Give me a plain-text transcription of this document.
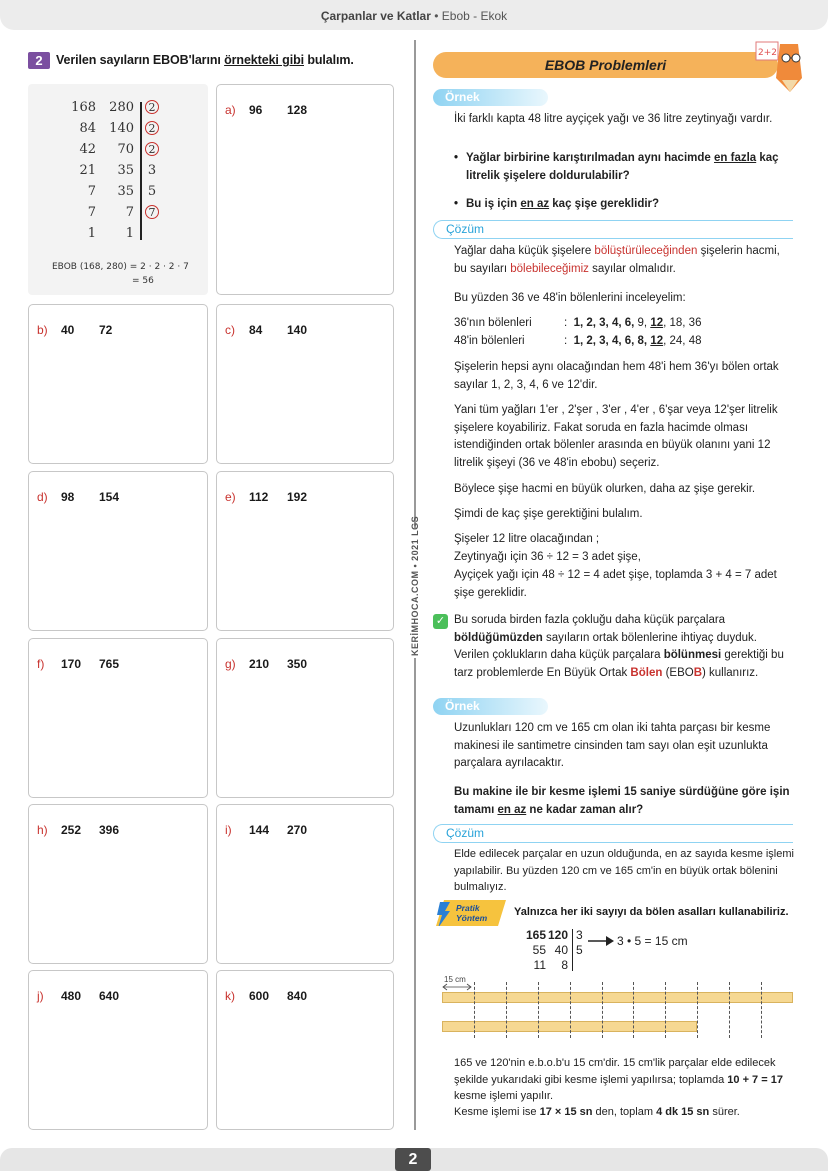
Çarpanlar ve Katlar • Ebob - Ekok
KERİMHOCA.COM • 2021 LGS
2	Verilen sayıların EBOB'larını örnekteki gibi bulalım.
EBOB (168, 280) = 2 · 2 · 2 · 7
= 56
168	280	2
84	140	2
42	70	2
21	35	3
7	35	5
7	7	7
1	1
a) 96 128
b) 40 72	c) 84 140
d) 98 154	e) 112 192
f) 170 765	g) 210 350
h) 252 396	i) 144 270
j) 480 640	k) 600 840
EBOB Problemleri
2+2
Örnek
İki farklı kapta 48 litre ayçiçek yağı ve 36 litre zeytinyağı vardır.
• Yağlar birbirine karıştırılmadan aynı hacimde en fazla kaç litrelik şişelere doldurulabilir?
• Bu iş için en az kaç şişe gereklidir?
Çözüm
Yağlar daha küçük şişelere bölüştürüleceğinden şişelerin hacmi, bu sayıları bölebileceğimiz sayılar olmalıdır.
Bu yüzden 36 ve 48'in bölenlerini inceleyelim:
36'nın bölenleri	: 1, 2, 3, 4, 6, 9, 12, 18, 36
48'in bölenleri	: 1, 2, 3, 4, 6, 8, 12, 24, 48
Şişelerin hepsi aynı olacağından hem 48'i hem 36'yı bölen ortak sayılar 1, 2, 3, 4, 6 ve 12'dir.
Yani tüm yağları 1'er , 2'şer , 3'er , 4'er , 6'şar veya 12'şer litrelik şişelere koyabiliriz. Fakat soruda en fazla hacimde olması istendiğinden ortak bölenler arasında en büyük olanını yani 12 litrelik şişeyi (36 ve 48'in ebobu) seçeriz.
Böylece şişe hacmi en büyük olurken, daha az şişe gerekir.
Şimdi de kaç şişe gerektiğini bulalım.
Şişeler 12 litre olacağından ;
Zeytinyağı için 36 ÷ 12 = 3 adet şişe,
Ayçiçek yağı için 48 ÷ 12 = 4 adet şişe, toplamda 3 + 4 = 7 adet şişe gereklidir.
✓ Bu soruda birden fazla çokluğu daha küçük parçalara böldüğümüzden sayıların ortak bölenlerine ihtiyaç duyduk. Verilen çoklukların daha küçük parçalara bölünmesi gerektiği bu tarz problemlerde En Büyük Ortak Bölen (EBOB) kullanırız.
Örnek
Uzunlukları 120 cm ve 165 cm olan iki tahta parçası bir kesme makinesi ile santimetre cinsinden tam sayı olan eşit uzunlukta parçalara ayrılacaktır.
Bu makine ile bir kesme işlemi 15 saniye sürdüğüne göre işin tamamı en az ne kadar zaman alır?
Çözüm
Elde edilecek parçalar en uzun olduğunda, en az sayıda kesme işlemi yapılabilir. Bu yüzden 120 cm ve 165 cm'in en büyük ortak bölenini bulmalıyız.
Pratik
Yöntem Yalnızca her iki sayıyı da bölen asalları kullanabiliriz.
165 120 3
55 40 5
11	8
3 • 5 = 15 cm
15 cm
165 ve 120'nin e.b.o.b'u 15 cm'dir. 15 cm'lik parçalar elde edilecek şekilde yukarıdaki gibi kesme işlemi yapılırsa; toplamda 10 + 7 = 17 kesme işlemi yapılır.
Kesme işlemi ise 17 × 15 sn den, toplam 4 dk 15 sn sürer.
2
